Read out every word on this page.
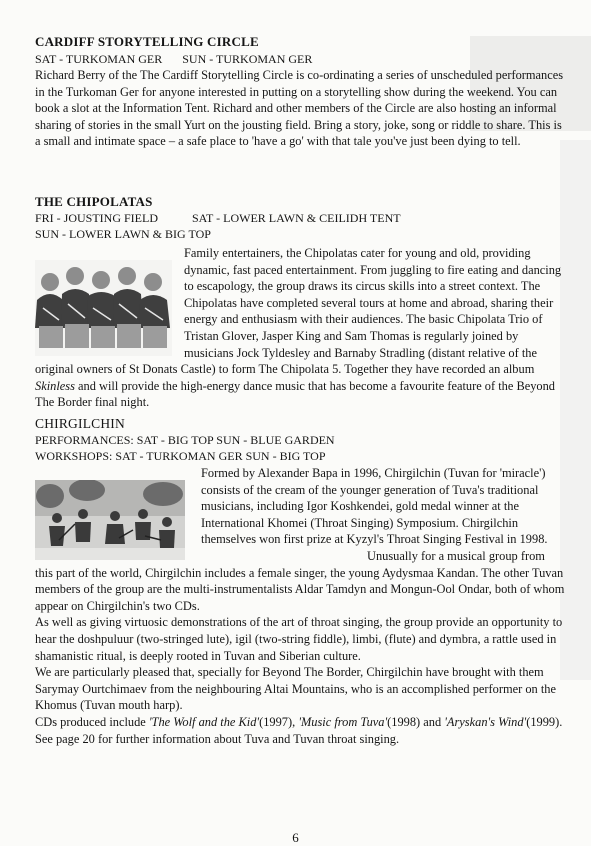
CARDIFF STORYTELLING CIRCLE
SAT - TURKOMAN GER SUN - TURKOMAN GER

Richard Berry of the The Cardiff Storytelling Circle is co-ordinating a series of unscheduled performances in the Turkoman Ger for anyone interested in putting on a storytelling show during the weekend. You can book a slot at the Information Tent. Richard and other members of the Circle are also hosting an informal sharing of stories in the small Yurt on the jousting field. Bring a story, joke, song or riddle to share. This is a small and intimate space – a safe place to 'have a go' with that tale you've just been dying to tell.

THE CHIPOLATAS
FRI - JOUSTING FIELD	SAT - LOWER LAWN & CEILIDH TENT
SUN - LOWER LAWN & BIG TOP

Family entertainers, the Chipolatas cater for young and old, providing dynamic, fast paced entertainment. From juggling to fire eating and dancing to escapology, the group draws its circus skills into a street context. The Chipolatas have completed several tours at home and abroad, sharing their energy and enthusiasm with their audiences. The basic Chipolata Trio of Tristan Glover, Jasper King and Sam Thomas is regularly joined by musicians Jock Tyldesley and Barnaby Stradling (distant relative of the original owners of St Donats Castle) to form The Chipolata 5. Together they have recorded an album Skinless and will provide the high-energy dance music that has become a favourite feature of the Beyond The Border final night.

CHIRGILCHIN
PERFORMANCES: SAT - BIG TOP SUN - BLUE GARDEN
WORKSHOPS: SAT - TURKOMAN GER SUN - BIG TOP

Formed by Alexander Bapa in 1996, Chirgilchin (Tuvan for 'miracle') consists of the cream of the younger generation of Tuva's traditional musicians, including Igor Koshkendei, gold medal winner at the International Khomei (Throat Singing) Symposium. Chirgilchin themselves won first prize at Kyzyl's Throat Singing Festival in 1998.

Unusually for a musical group from this part of the world, Chirgilchin includes a female singer, the young Aydysmaa Kandan. The other Tuvan members of the group are the multi-instrumentalists Aldar Tamdyn and Mongun-Ool Ondar, both of whom appear on Chirgilchin's two CDs.

As well as giving virtuosic demonstrations of the art of throat singing, the group provide an opportunity to hear the doshpuluur (two-stringed lute), igil (two-string fiddle), limbi, (flute) and dymbra, a rattle used in shamanistic ritual, is deeply rooted in Tuvan and Siberian culture.

We are particularly pleased that, specially for Beyond The Border, Chirgilchin have brought with them Sarymay Ourtchimaev from the neighbouring Altai Mountains, who is an accomplished performer on the Khomus (Tuvan mouth harp).

CDs produced include 'The Wolf and the Kid'(1997), 'Music from Tuva'(1998) and 'Aryskan's Wind'(1999).

See page 20 for further information about Tuva and Tuvan throat singing.

6
